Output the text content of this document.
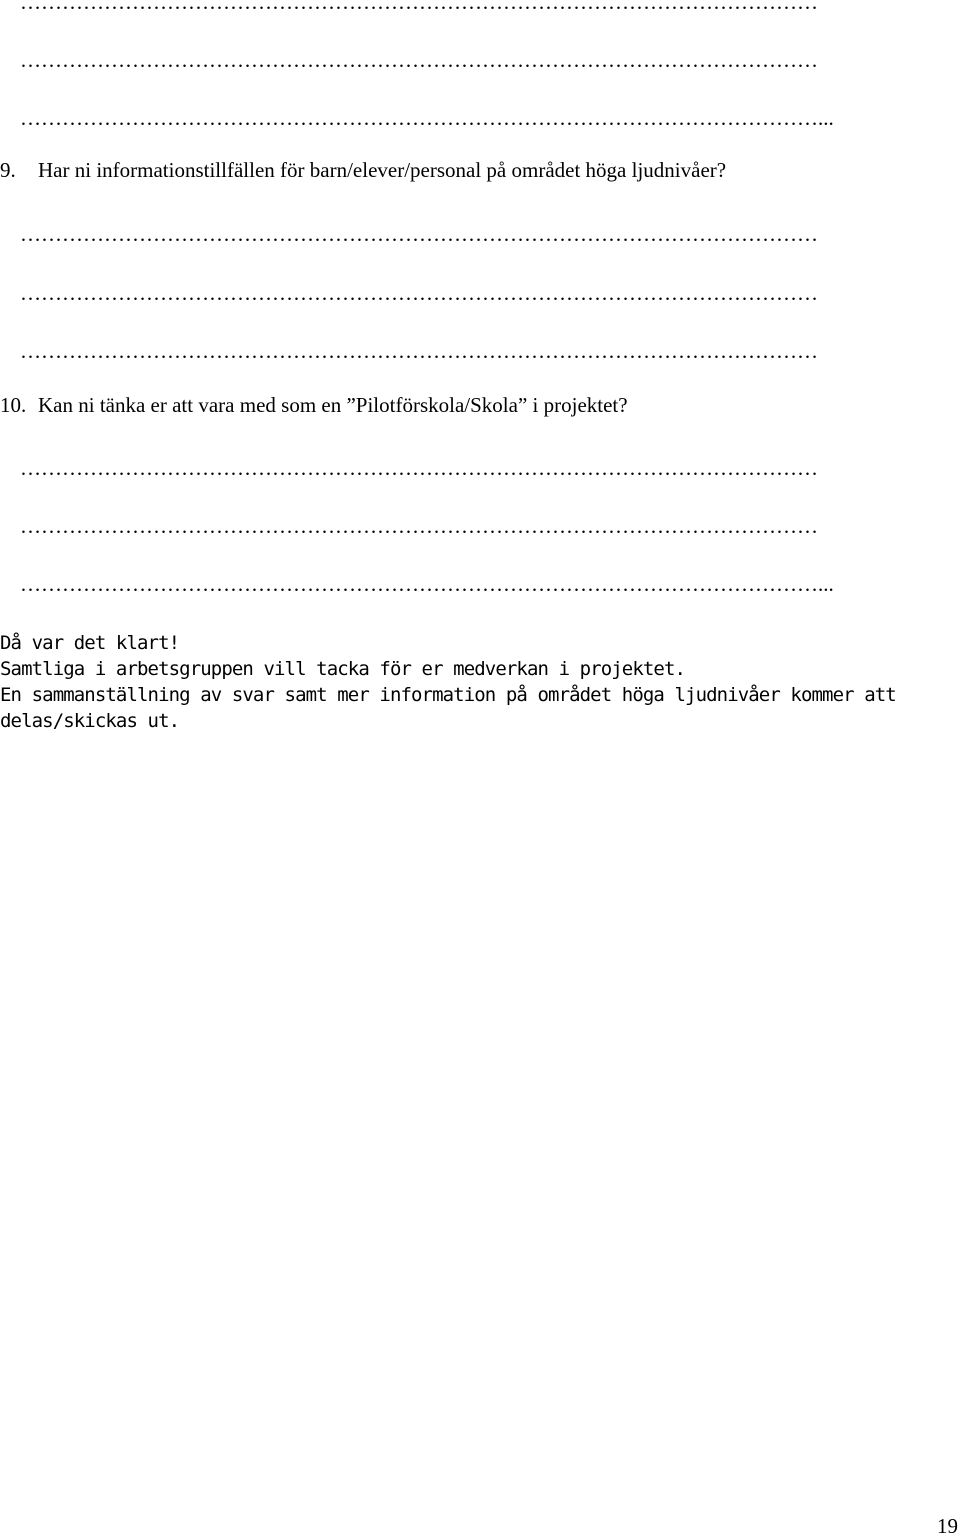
……………………………………………………………………………………………………
……………………………………………………………………………………………………
……………………………………………………………………………………………………...
9. Har ni informationstillfällen för barn/elever/personal på området höga ljudnivåer?
……………………………………………………………………………………………………
……………………………………………………………………………………………………
……………………………………………………………………………………………………
10. Kan ni tänka er att vara med som en ”Pilotförskola/Skola” i projektet?
……………………………………………………………………………………………………
……………………………………………………………………………………………………
……………………………………………………………………………………………………...
Då var det klart!
Samtliga i arbetsgruppen vill tacka för er medverkan i projektet.
En sammanställning av svar samt mer information på området höga ljudnivåer kommer att
delas/skickas ut.
19
